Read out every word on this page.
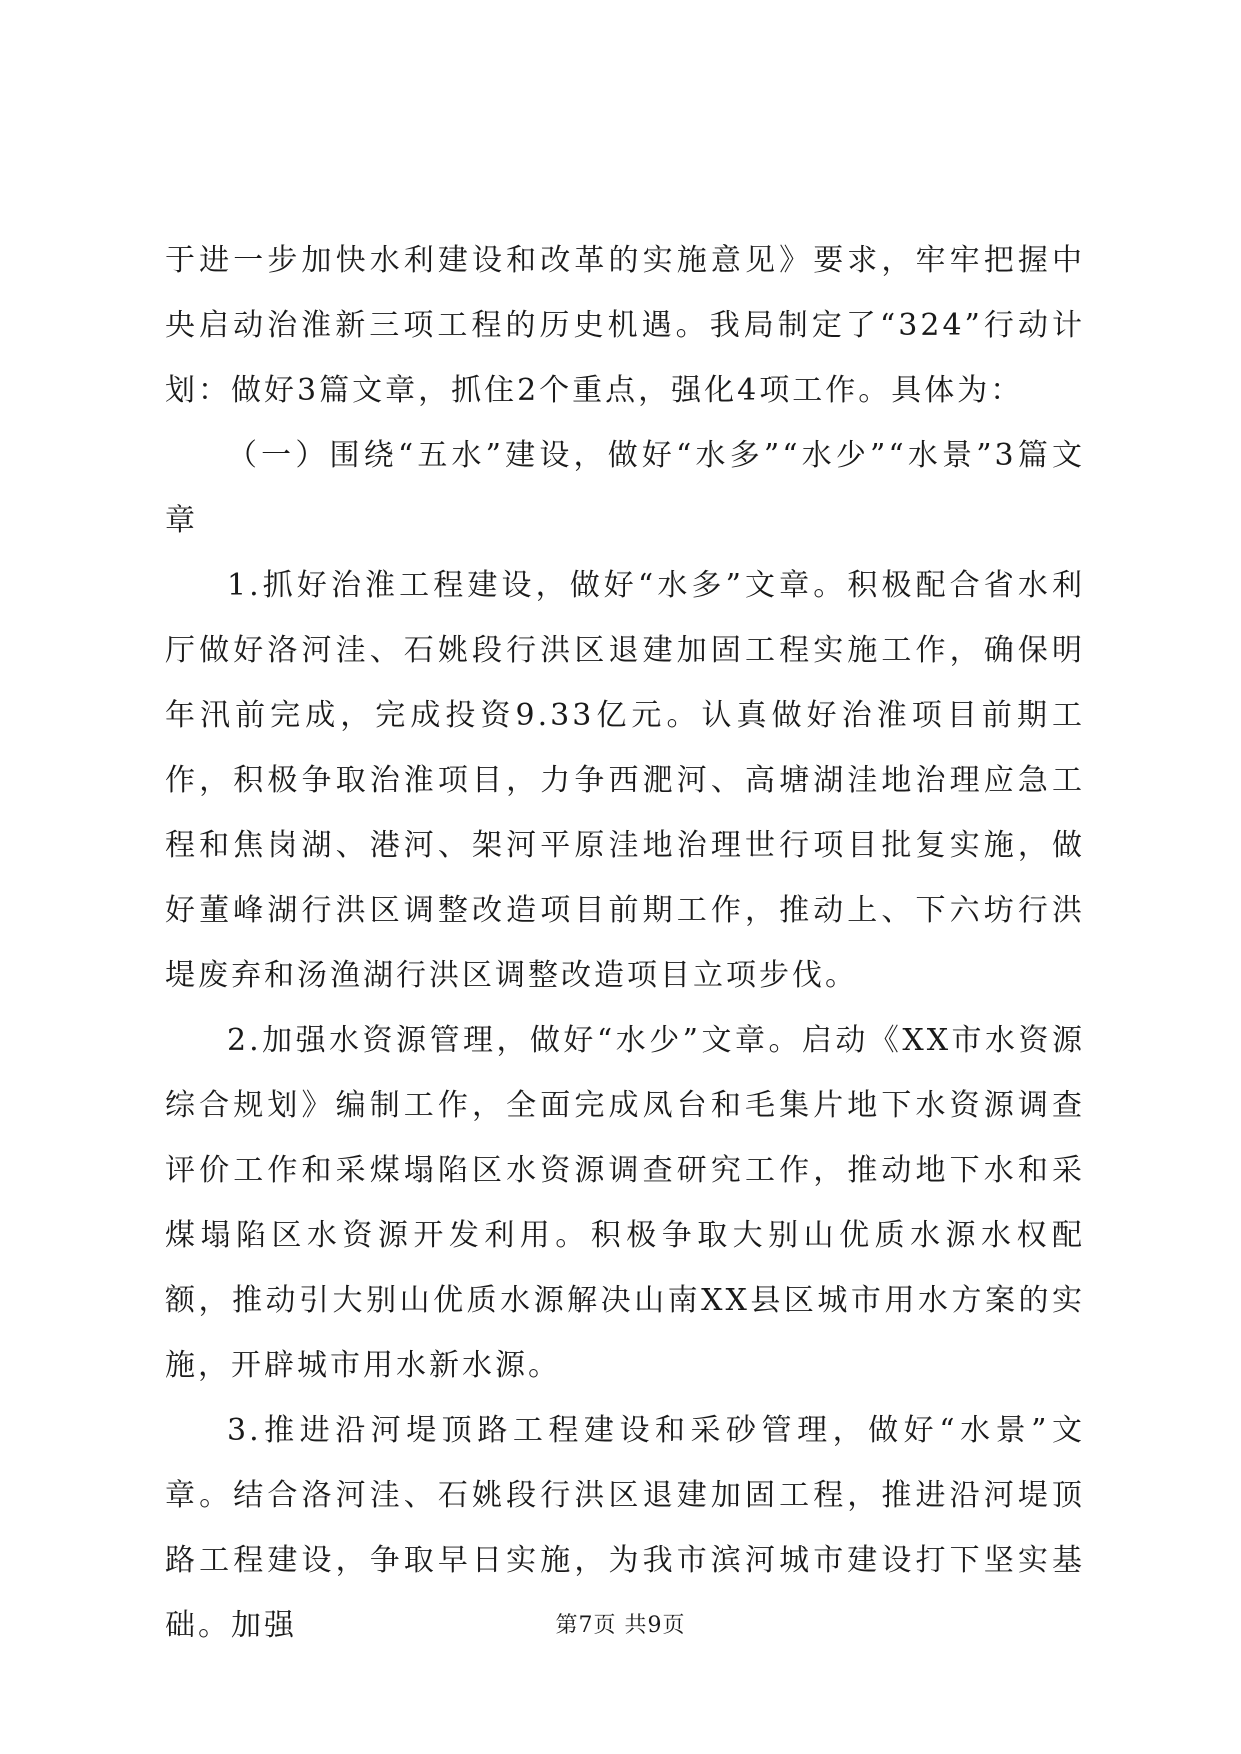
于进一步加快水利建设和改革的实施意见》要求，牢牢把握中央启动治淮新三项工程的历史机遇。我局制定了“324”行动计划：做好3篇文章，抓住2个重点，强化4项工作。具体为：

（一）围绕“五水”建设，做好“水多”“水少”“水景”3篇文章

1.抓好治淮工程建设，做好“水多”文章。积极配合省水利厅做好洛河洼、石姚段行洪区退建加固工程实施工作，确保明年汛前完成，完成投资9.33亿元。认真做好治淮项目前期工作，积极争取治淮项目，力争西淝河、高塘湖洼地治理应急工程和焦岗湖、港河、架河平原洼地治理世行项目批复实施，做好董峰湖行洪区调整改造项目前期工作，推动上、下六坊行洪堤废弃和汤渔湖行洪区调整改造项目立项步伐。

2.加强水资源管理，做好“水少”文章。启动《XX市水资源综合规划》编制工作，全面完成凤台和毛集片地下水资源调查评价工作和采煤塌陷区水资源调查研究工作，推动地下水和采煤塌陷区水资源开发利用。积极争取大别山优质水源水权配额，推动引大别山优质水源解决山南XX县区城市用水方案的实施，开辟城市用水新水源。

3.推进沿河堤顶路工程建设和采砂管理，做好“水景”文章。结合洛河洼、石姚段行洪区退建加固工程，推进沿河堤顶路工程建设，争取早日实施，为我市滨河城市建设打下坚实基础。加强	第7页 共9页
